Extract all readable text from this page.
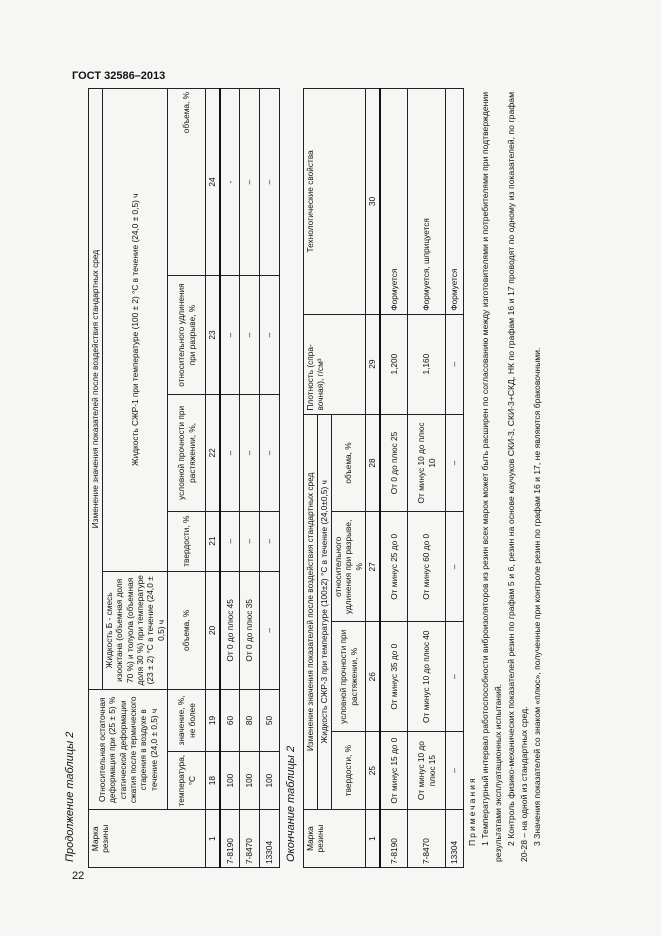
ГОСТ 32586–2013
22
Продолжение таблицы 2 Марка резины	Относительная остаточная деформация при (25 ± 5) % статической деформации сжатия после термического старения в воздухе в течение (24,0 ± 0,5) ч		Изменение значения показателей после воздействия стандартных сред				
			Жидкость Б - смесь изооктана (объемная доля 70 %) и толуола (объемная доля 30 %) при температуре (23 ± 2) °С в течение (24,0 ± 0,5) ч	Жидкость СЖР-1 при температуре (100 ± 2) °С в течение (24,0 ± 0,5) ч			
	температура, °С	значение, %, не более	объема, %	твердости, %	условной прочности при растяжении, %,	относительного удлинения при разрыве, %	объема, %
1	18	19	20	21	22	23	24
7-8190	100	60	От 0 до плюс 45	–	–	–	-
7-8470	100	80	От 0 до плюс 35	–	–	–	–
13304	100	50	–	–	–	–	–
Окончание таблицы 2 Марка резины	Изменение значения показателей после воздействия стандартных сред				Плотность (справочная), г/см³	Технологические свойства
	Жидкость СЖР-3 при температуре (100±2) °С в течение (24,0±0,5) ч					
	твердости, %	условной прочности при растяжении, %	относительного удлинения при разрыве, %	объема, %		
1	25	26	27	28	29	30
7-8190	От минус 15 до 0	От минус 35 до 0	От минус 25 до 0	От 0 до плюс 25	1,200	Формуется
7-8470	От минус 10 до плюс 15	От минус 10 до плюс 40	От минус 60 до 0	От минус 10 до плюс 10	1,160	Формуется, шприцуется
13304	–	–	–	–	–	Формуется

Примечания 1 Температурный интервал работоспособности виброизоляторов из резин всех марок может быть расширен по согласованию между изготовителями и потребителями при подтверждении результатами эксплуатационных испытаний. 2 Контроль физико-механических показателей резин по графам 5 и 6, резин на основе каучуков СКИ-3, СКИ-3+СКД, НК по графам 16 и 17 проводят по одному из показателей, по графам 20-28 – на одной из стандартных сред. 3 Значения показателей со знаком «плюс», полученные при контроле резин по графам 16 и 17, не являются браковочными.
